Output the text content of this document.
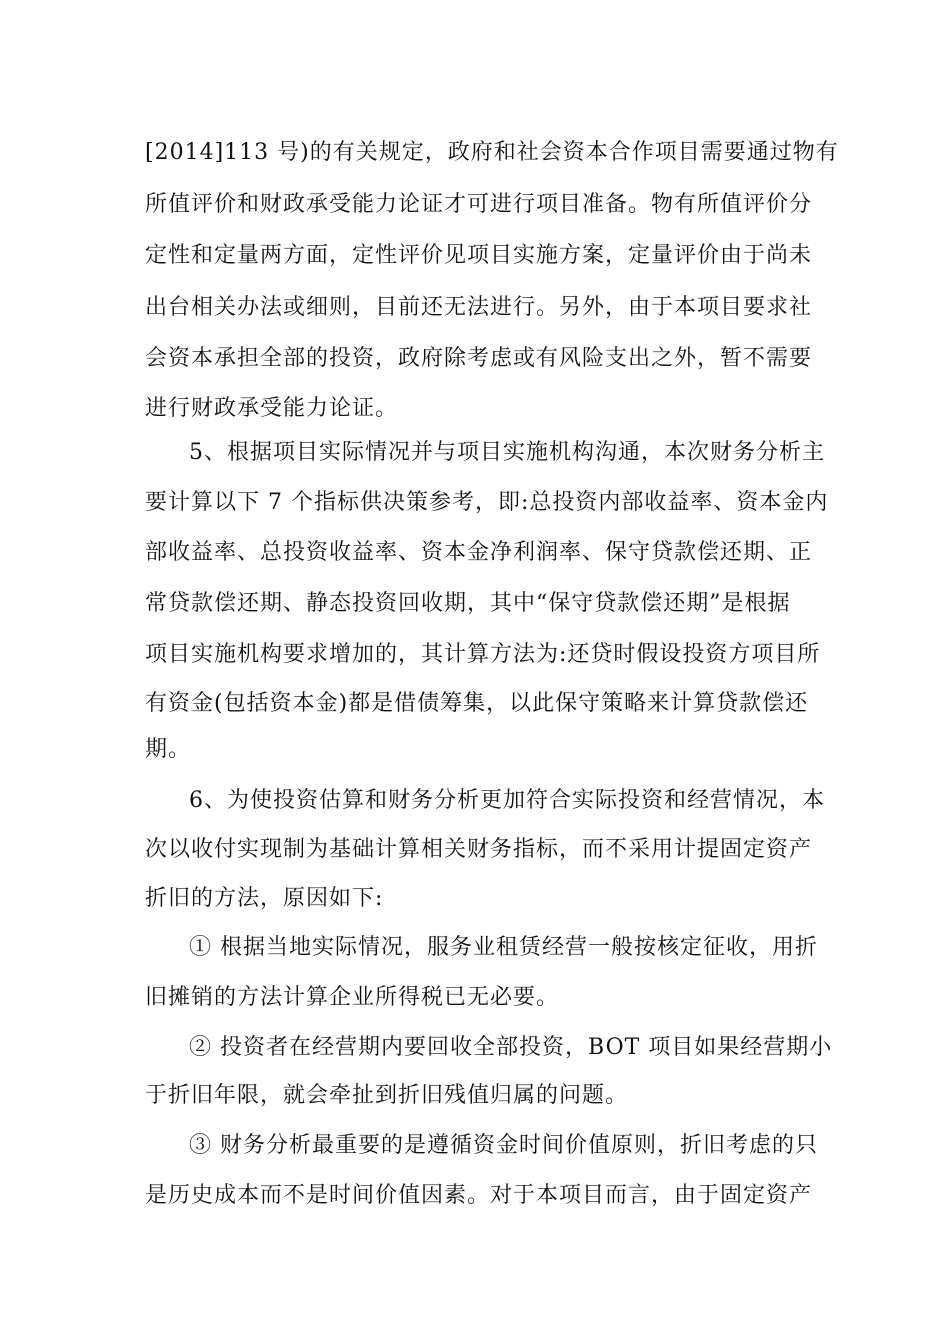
[2014]113 号)的有关规定，政府和社会资本合作项目需要通过物有
所值评价和财政承受能力论证才可进行项目准备。物有所值评价分
定性和定量两方面，定性评价见项目实施方案，定量评价由于尚未
出台相关办法或细则，目前还无法进行。另外，由于本项目要求社
会资本承担全部的投资，政府除考虑或有风险支出之外，暂不需要
进行财政承受能力论证。
5、根据项目实际情况并与项目实施机构沟通，本次财务分析主
要计算以下 7 个指标供决策参考，即:总投资内部收益率、资本金内
部收益率、总投资收益率、资本金净利润率、保守贷款偿还期、正
常贷款偿还期、静态投资回收期，其中“保守贷款偿还期”是根据
项目实施机构要求增加的，其计算方法为:还贷时假设投资方项目所
有资金(包括资本金)都是借债筹集，以此保守策略来计算贷款偿还
期。
6、为使投资估算和财务分析更加符合实际投资和经营情况，本
次以收付实现制为基础计算相关财务指标，而不采用计提固定资产
折旧的方法，原因如下:
① 根据当地实际情况，服务业租赁经营一般按核定征收，用折
旧摊销的方法计算企业所得税已无必要。
② 投资者在经营期内要回收全部投资，BOT 项目如果经营期小
于折旧年限，就会牵扯到折旧残值归属的问题。
③ 财务分析最重要的是遵循资金时间价值原则，折旧考虑的只
是历史成本而不是时间价值因素。对于本项目而言，由于固定资产
